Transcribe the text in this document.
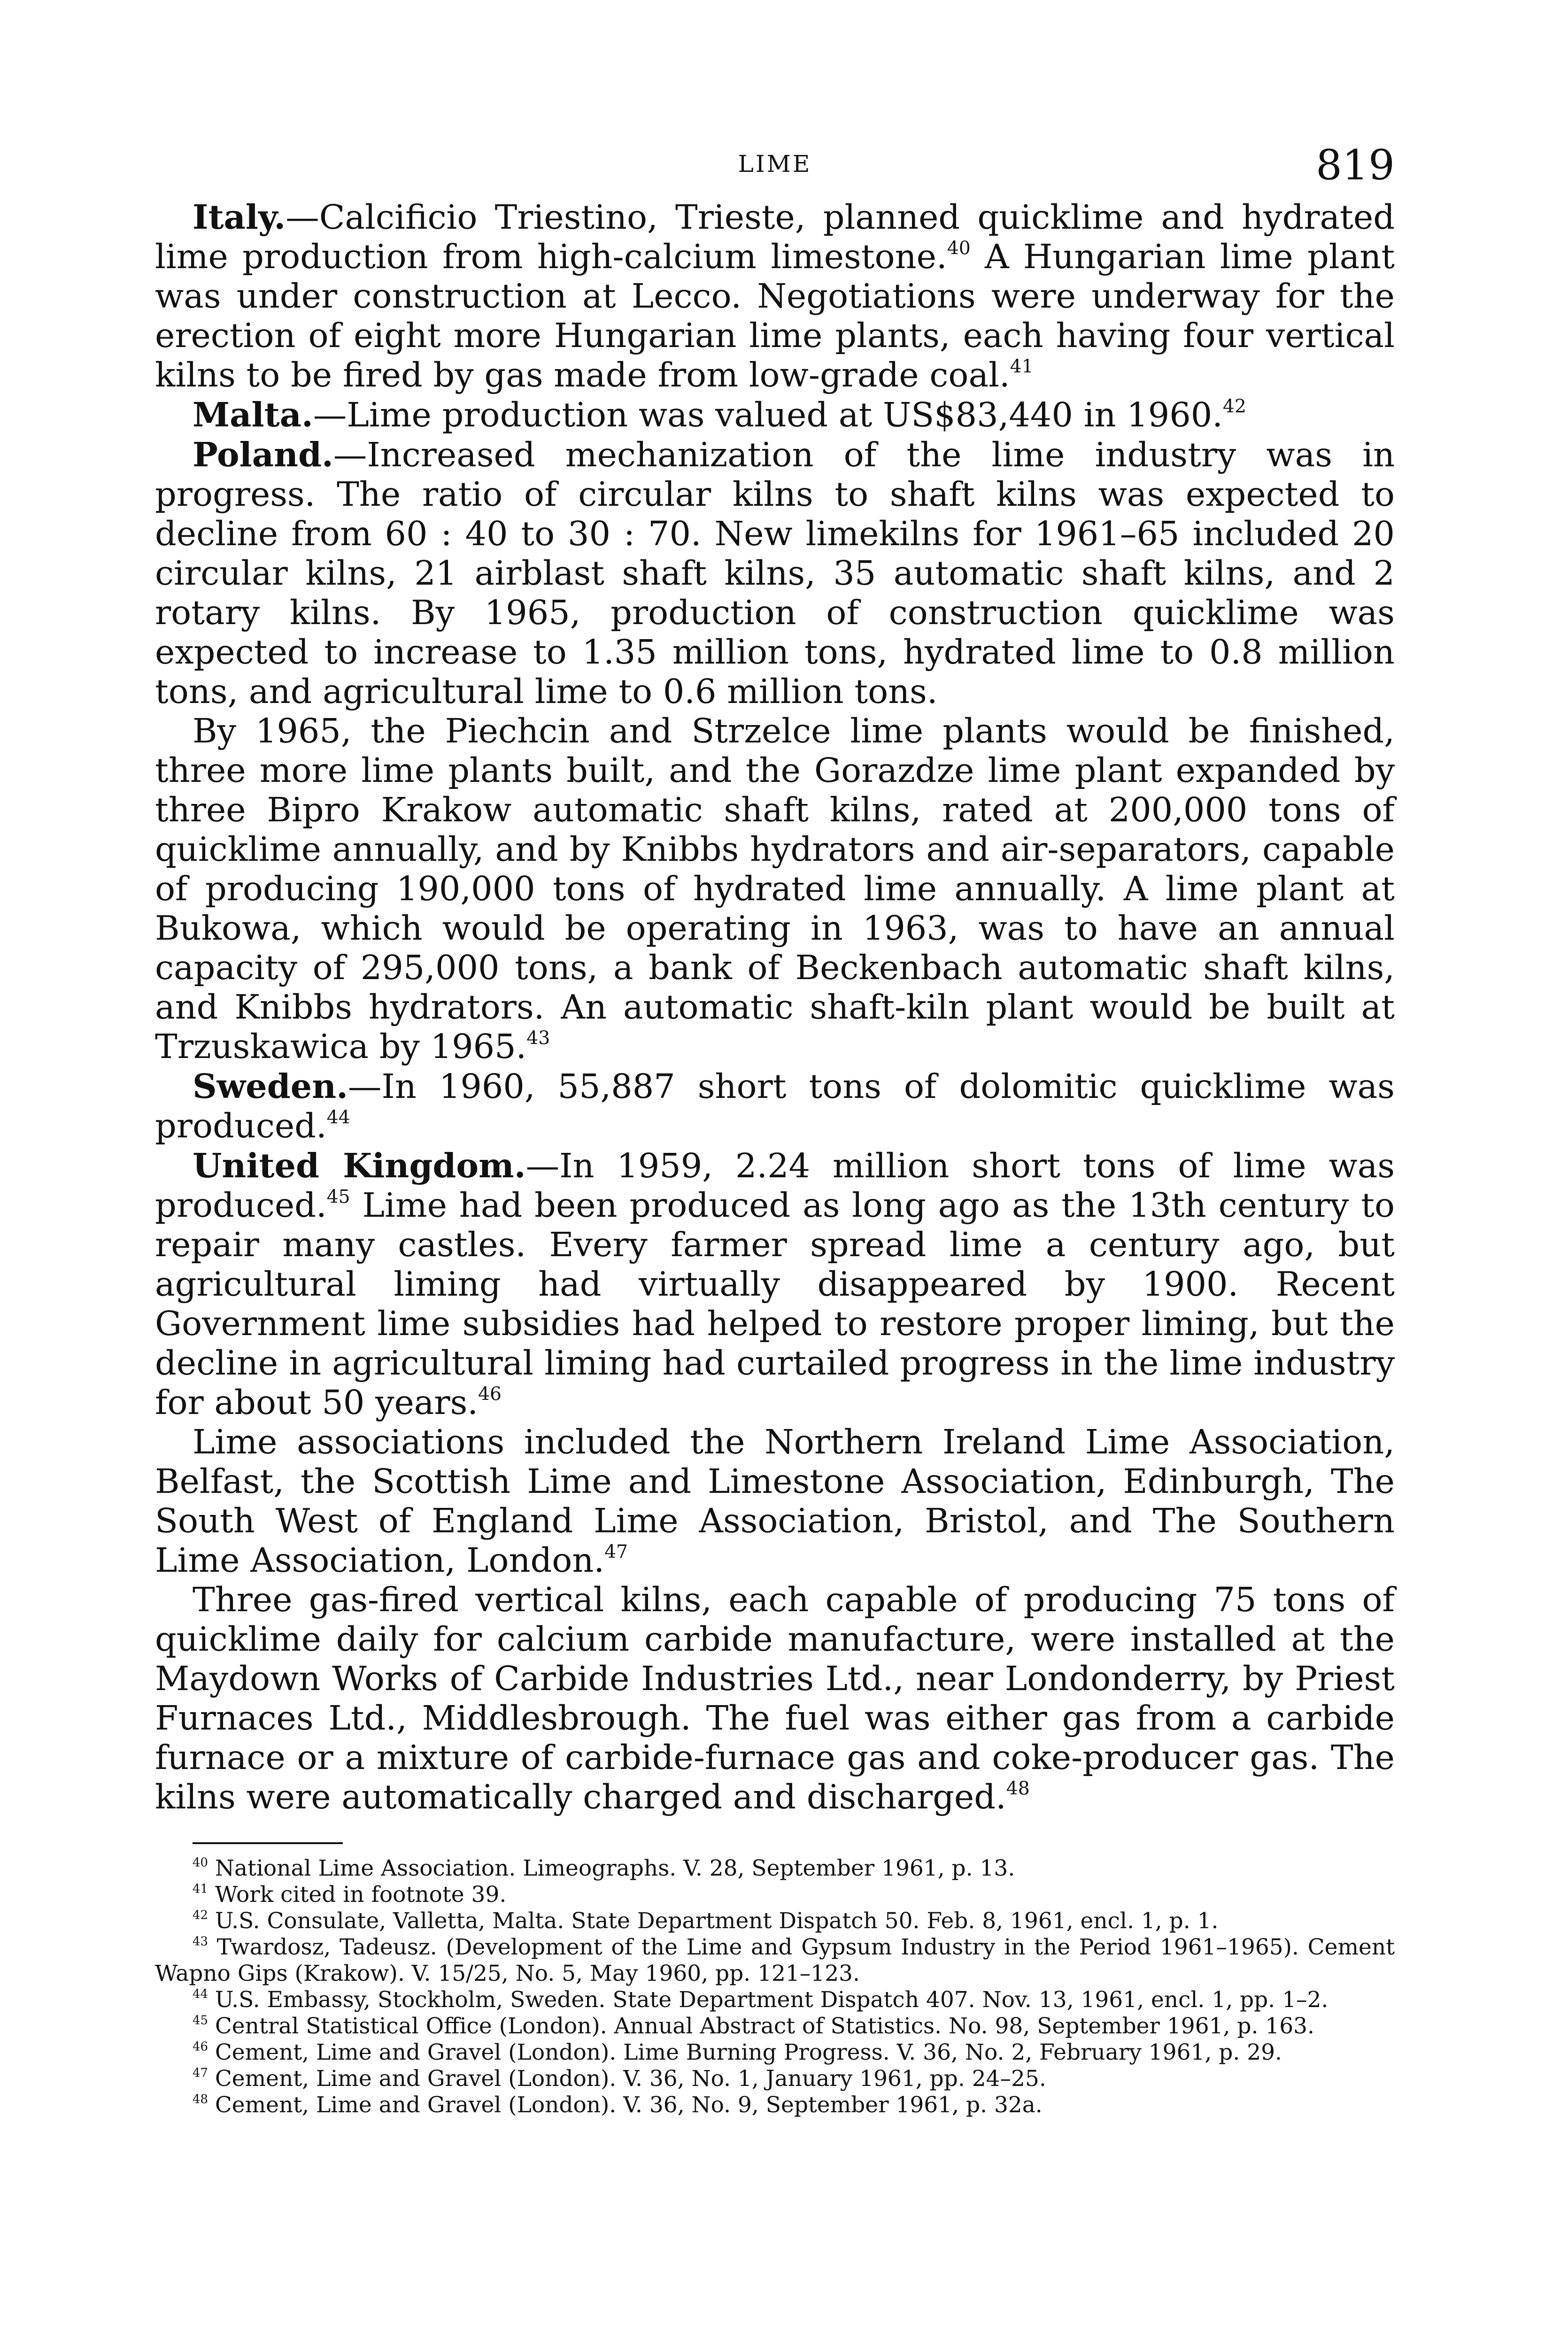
LIME	819

Italy.—Calcificio Triestino, Trieste, planned quicklime and hydrated lime production from high-calcium limestone.$^{40}$ A Hungarian lime plant was under construction at Lecco. Negotiations were underway for the erection of eight more Hungarian lime plants, each having four vertical kilns to be fired by gas made from low-grade coal.$^{41}$

Malta.—Lime production was valued at US$83,440 in 1960.42

Poland.—Increased mechanization of the lime industry was in progress. The ratio of circular kilns to shaft kilns was expected to decline from 60 : 40 to 30 : 70. New limekilns for 1961–65 included 20 circular kilns, 21 airblast shaft kilns, 35 automatic shaft kilns, and 2 rotary kilns. By 1965, production of construction quicklime was expected to increase to 1.35 million tons, hydrated lime to 0.8 million tons, and agricultural lime to 0.6 million tons.

By 1965, the Piechcin and Strzelce lime plants would be finished, three more lime plants built, and the Gorazdze lime plant expanded by three Bipro Krakow automatic shaft kilns, rated at 200,000 tons of quicklime annually, and by Knibbs hydrators and air-separators, capable of producing 190,000 tons of hydrated lime annually. A lime plant at Bukowa, which would be operating in 1963, was to have an annual capacity of 295,000 tons, a bank of Beckenbach automatic shaft kilns, and Knibbs hydrators. An automatic shaft-kiln plant would be built at Trzuskawica by 1965.43

Sweden.—In 1960, 55,887 short tons of dolomitic quicklime was produced.$^{44}$

United Kingdom.—In 1959, 2.24 million short tons of lime was produced.$^{45}$ Lime had been produced as long ago as the 13th century to repair many castles. Every farmer spread lime a century ago, but agricultural liming had virtually disappeared by 1900. Recent Government lime subsidies had helped to restore proper liming, but the decline in agricultural liming had curtailed progress in the lime industry for about 50 years.$^{46}$

Lime associations included the Northern Ireland Lime Association, Belfast, the Scottish Lime and Limestone Association, Edinburgh, The South West of England Lime Association, Bristol, and The Southern Lime Association, London.$^{47}$

Three gas-fired vertical kilns, each capable of producing 75 tons of quicklime daily for calcium carbide manufacture, were installed at the Maydown Works of Carbide Industries Ltd., near Londonderry, by Priest Furnaces Ltd., Middlesbrough. The fuel was either gas from a carbide furnace or a mixture of carbide-furnace gas and coke-producer gas. The kilns were automatically charged and discharged.$^{48}$

$^{40}$ National Lime Association. Limeographs. V. 28, September 1961, p. 13.

$^{41}$ Work cited in footnote 39.

$^{42}$ U.S. Consulate, Valletta, Malta. State Department Dispatch 50. Feb. 8, 1961, encl. 1, p. 1.

$^{43}$ Twardosz, Tadeusz. (Development of the Lime and Gypsum Industry in the Period 1961–1965). Cement Wapno Gips (Krakow). V. 15/25, No. 5, May 1960, pp. 121–123.

$^{44}$ U.S. Embassy, Stockholm, Sweden. State Department Dispatch 407. Nov. 13, 1961, encl. 1, pp. 1–2.

$^{45}$ Central Statistical Office (London). Annual Abstract of Statistics. No. 98, September 1961, p. 163.

$^{46}$ Cement, Lime and Gravel (London). Lime Burning Progress. V. 36, No. 2, February 1961, p. 29.

$^{47}$ Cement, Lime and Gravel (London). V. 36, No. 1, January 1961, pp. 24–25.

$^{48}$ Cement, Lime and Gravel (London). V. 36, No. 9, September 1961, p. 32a.
